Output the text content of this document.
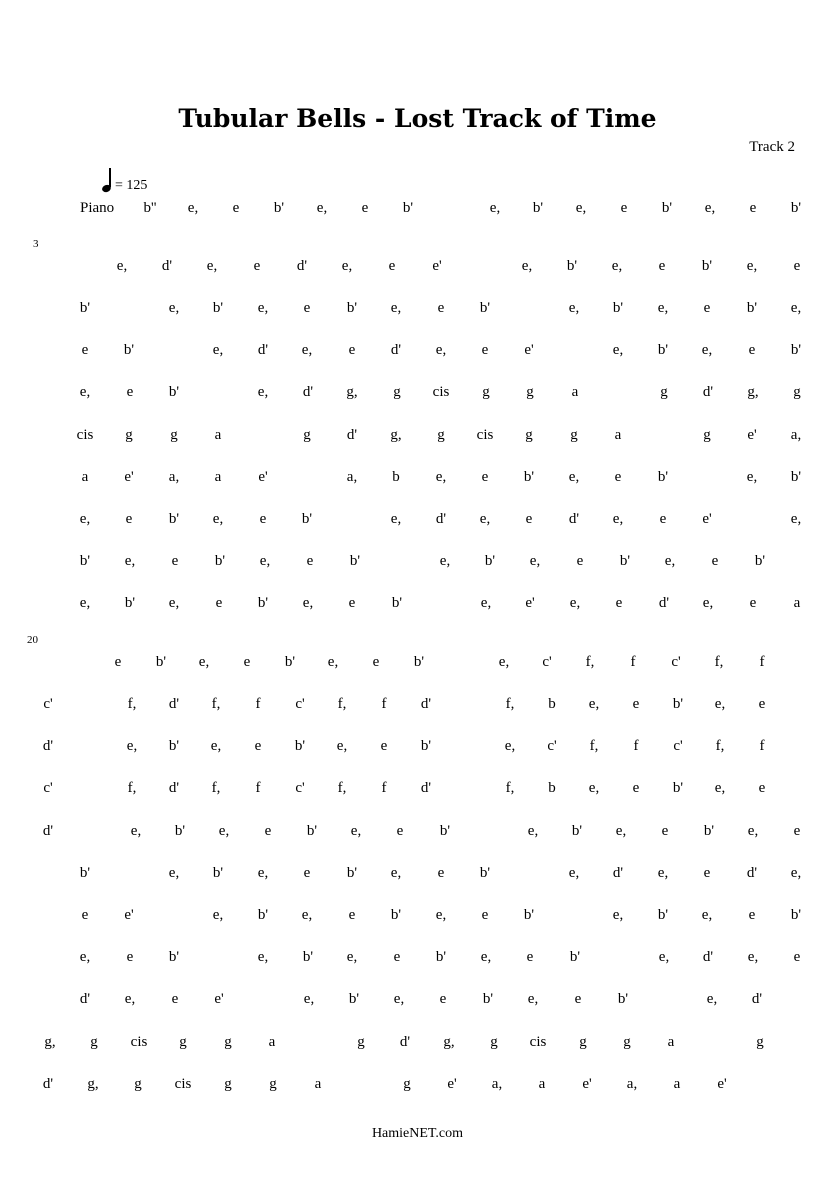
Tubular Bells - Lost Track of Time
Track 2
= 125
Piano
3
20
b'' e, e b' e, e b'	e, b' e, e b' e, e b'
e, d' e, e d' e, e e'	e, b' e, e b' e, e
b'	e, b' e, e b' e, e b'	e, b' e, e b' e,
e b'	e, d' e, e d' e, e e'	e, b' e, e b'
e, e b'	e, d' g, g cis g g	a	g d' g, g
cis g	g a	g d' g, g cis g	g a	g e' a,
a e' a, a e'	a, b e, e b' e, e b'	e, b'
e, e b' e, e b'	e, d' e, e d' e, e e'	e,
b' e, e b' e, e b'	e, b' e, e b' e, e b'
e, b' e, e b' e, e b'	e, e' e, e d' e, e a
e b' e, e b' e, e b'	e, c' f, f c' f, f
c'	f, d' f, f c' f, f d'	f, b e, e b' e, e
d'	e, b' e, e b' e, e b'	e, c' f, f c' f, f
c'	f, d' f, f c' f, f d'	f, b e, e b' e, e
d'	e, b' e, e b' e, e b'	e, b' e, e b' e, e
b'	e, b' e, e b' e, e b'	e, d' e, e d' e,
e e'	e, b' e, e b' e, e b'	e, b' e, e b'
e, e b'	e, b' e, e b' e, e b'	e, d' e, e
d' e, e e'	e, b' e, e b' e, e b'	e, d'
g, g cis g	g a	g d' g, g cis g g a	g
d' g, g cis g	g	a	g e' a, a e' a, a e'
HamieNET.com
